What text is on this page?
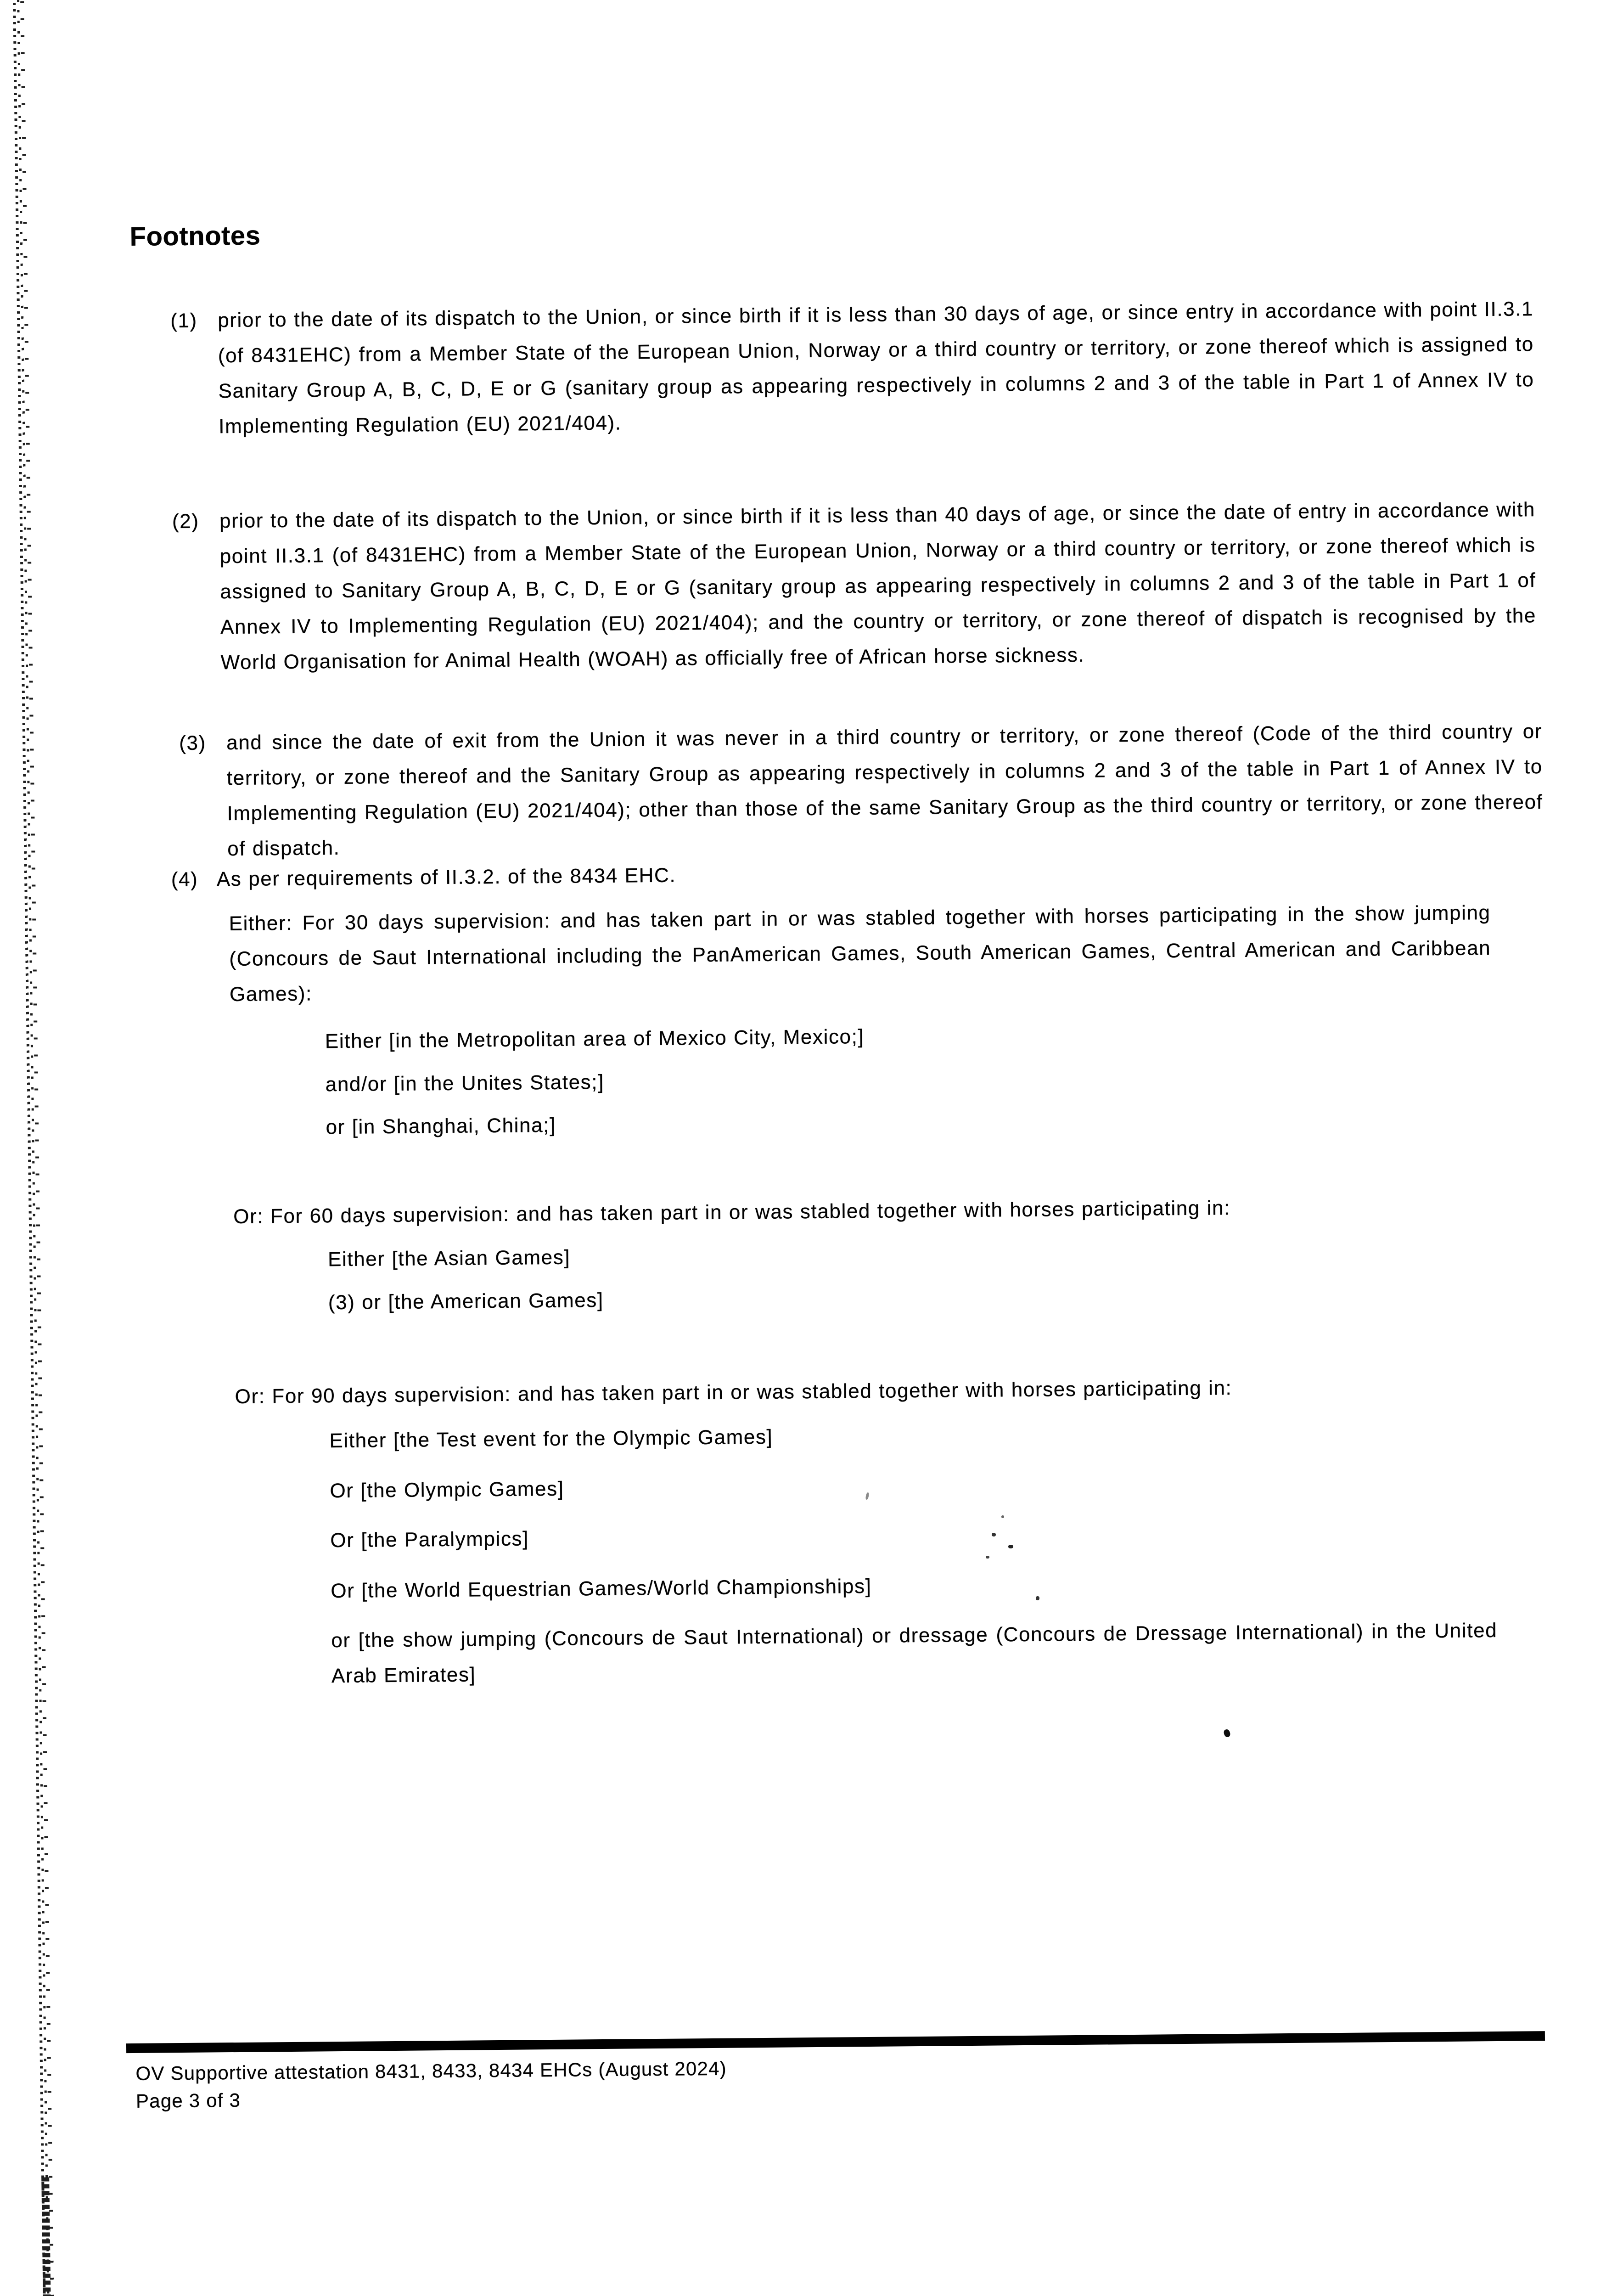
Footnotes

(1) prior to the date of its dispatch to the Union, or since birth if it is less than 30 days of age, or since entry in accordance with point II.3.1 (of 8431EHC) from a Member State of the European Union, Norway or a third country or territory, or zone thereof which is assigned to Sanitary Group A, B, C, D, E or G (sanitary group as appearing respectively in columns 2 and 3 of the table in Part 1 of Annex IV to Implementing Regulation (EU) 2021/404).

(2) prior to the date of its dispatch to the Union, or since birth if it is less than 40 days of age, or since the date of entry in accordance with point II.3.1 (of 8431EHC) from a Member State of the European Union, Norway or a third country or territory, or zone thereof which is assigned to Sanitary Group A, B, C, D, E or G (sanitary group as appearing respectively in columns 2 and 3 of the table in Part 1 of Annex IV to Implementing Regulation (EU) 2021/404); and the country or territory, or zone thereof of dispatch is recognised by the World Organisation for Animal Health (WOAH) as officially free of African horse sickness.

(3) and since the date of exit from the Union it was never in a third country or territory, or zone thereof (Code of the third country or territory, or zone thereof and the Sanitary Group as appearing respectively in columns 2 and 3 of the table in Part 1 of Annex IV to Implementing Regulation (EU) 2021/404); other than those of the same Sanitary Group as the third country or territory, or zone thereof of dispatch.

(4) As per requirements of II.3.2. of the 8434 EHC.

Either: For 30 days supervision: and has taken part in or was stabled together with horses participating in the show jumping (Concours de Saut International including the PanAmerican Games, South American Games, Central American and Caribbean Games):

Either [in the Metropolitan area of Mexico City, Mexico;]

and/or [in the Unites States;]

or [in Shanghai, China;]

Or: For 60 days supervision: and has taken part in or was stabled together with horses participating in:

Either [the Asian Games]

(3) or [the American Games]

Or: For 90 days supervision: and has taken part in or was stabled together with horses participating in:

Either [the Test event for the Olympic Games]

Or [the Olympic Games]

Or [the Paralympics]

Or [the World Equestrian Games/World Championships]

or [the show jumping (Concours de Saut International) or dressage (Concours de Dressage International) in the United Arab Emirates]

OV Supportive attestation 8431, 8433, 8434 EHCs (August 2024)

Page 3 of 3
